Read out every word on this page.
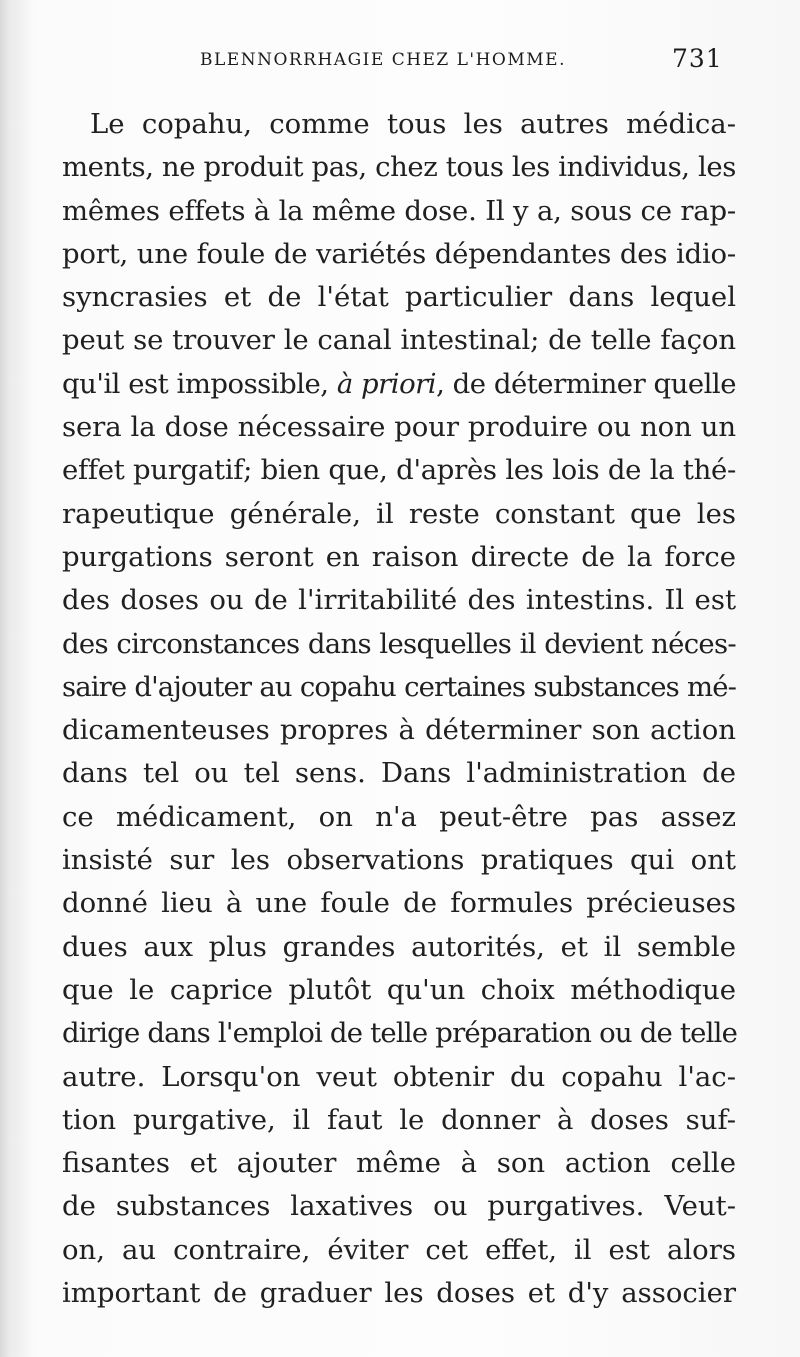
BLENNORRHAGIE CHEZ L'HOMME.	731
Le copahu, comme tous les autres médica-
ments, ne produit pas, chez tous les individus, les
mêmes effets à la même dose. Il y a, sous ce rap-
port, une foule de variétés dépendantes des idio-
syncrasies et de l'état particulier dans lequel
peut se trouver le canal intestinal; de telle façon
qu'il est impossible, à priori, de déterminer quelle
sera la dose nécessaire pour produire ou non un
effet purgatif; bien que, d'après les lois de la thé-
rapeutique générale, il reste constant que les
purgations seront en raison directe de la force
des doses ou de l'irritabilité des intestins. Il est
des circonstances dans lesquelles il devient néces-
saire d'ajouter au copahu certaines substances mé-
dicamenteuses propres à déterminer son action
dans tel ou tel sens. Dans l'administration de
ce médicament, on n'a peut-être pas assez
insisté sur les observations pratiques qui ont
donné lieu à une foule de formules précieuses
dues aux plus grandes autorités, et il semble
que le caprice plutôt qu'un choix méthodique
dirige dans l'emploi de telle préparation ou de telle
autre. Lorsqu'on veut obtenir du copahu l'ac-
tion purgative, il faut le donner à doses suf-
fisantes et ajouter même à son action celle
de substances laxatives ou purgatives. Veut-
on, au contraire, éviter cet effet, il est alors
important de graduer les doses et d'y associer
